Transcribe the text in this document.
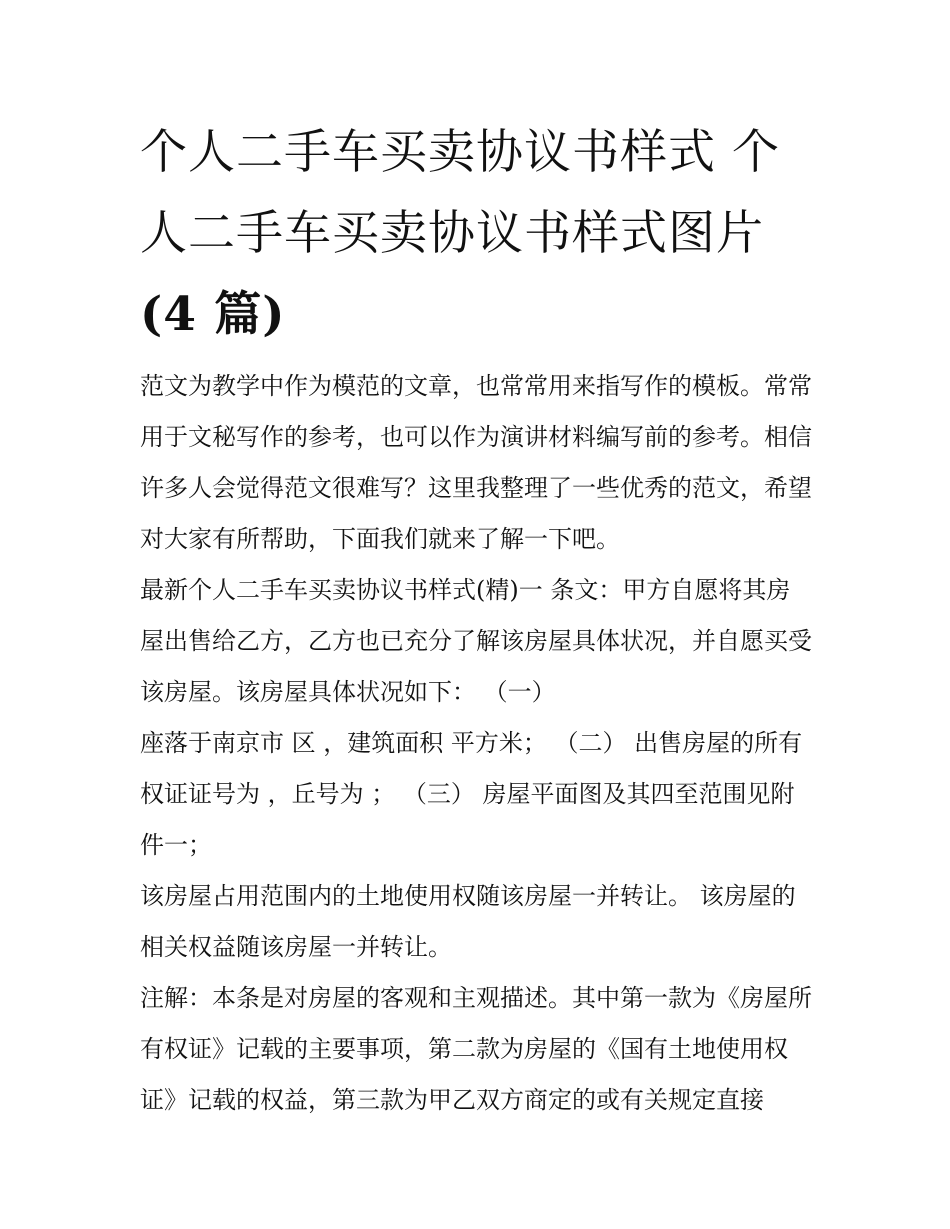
个人二手车买卖协议书样式 个人二手车买卖协议书样式图片
(4 篇)

范文为教学中作为模范的文章，也常常用来指写作的模板。常常用于文秘写作的参考，也可以作为演讲材料编写前的参考。相信许多人会觉得范文很难写？这里我整理了一些优秀的范文，希望对大家有所帮助，下面我们就来了解一下吧。

最新个人二手车买卖协议书样式(精)一 条文：甲方自愿将其房屋出售给乙方，乙方也已充分了解该房屋具体状况，并自愿买受该房屋。该房屋具体状况如下： （一）

座落于南京市 区 ，建筑面积 平方米； （二） 出售房屋的所有权证证号为 ，丘号为 ； （三） 房屋平面图及其四至范围见附件一；

该房屋占用范围内的土地使用权随该房屋一并转让。 该房屋的相关权益随该房屋一并转让。

注解：本条是对房屋的客观和主观描述。其中第一款为《房屋所有权证》记载的主要事项，第二款为房屋的《国有土地使用权证》记载的权益，第三款为甲乙双方商定的或有关规定直接
